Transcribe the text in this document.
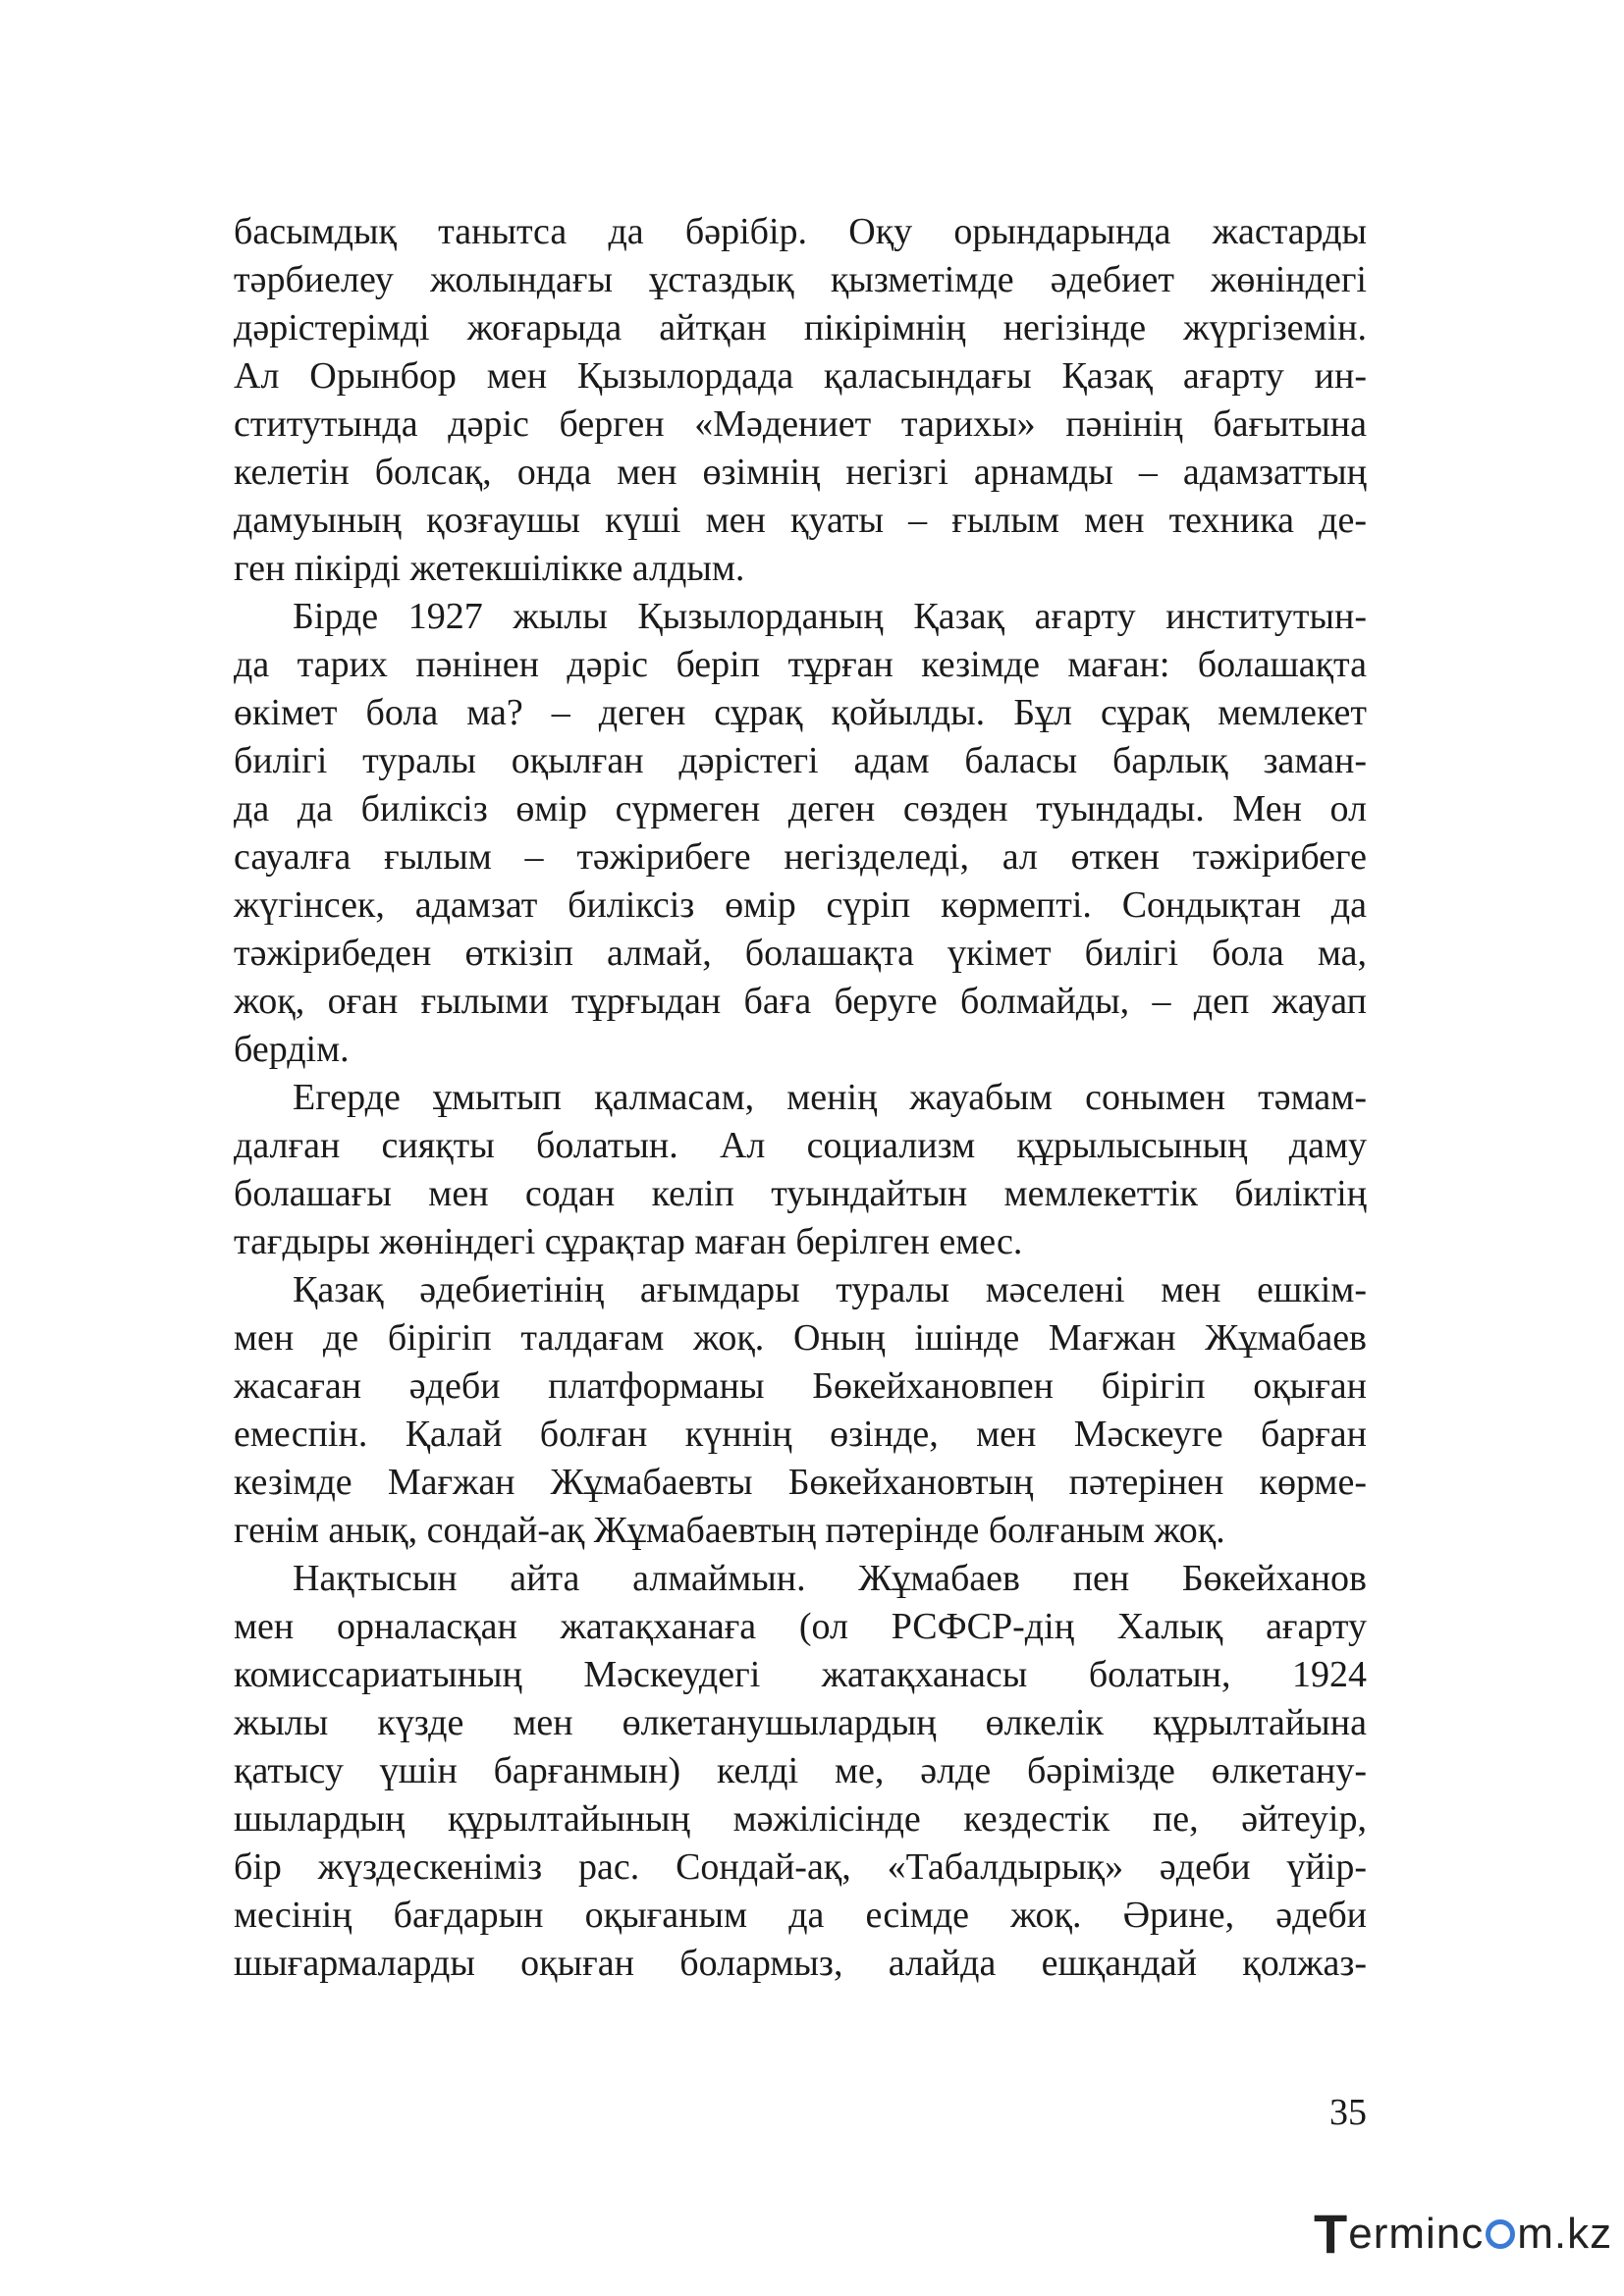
басымдық танытса да бәрібір. Оқу орындарында жастарды
тәрбиелеу жолындағы ұстаздық қызметімде әдебиет жөніндегі
дәрістерімді жоғарыда айтқан пікірімнің негізінде жүргіземін.
Ал Орынбор мен Қызылордада қаласындағы Қазақ ағарту ин-
ститутында дәріс берген «Мәдениет тарихы» пәнінің бағытына
келетін болсақ, онда мен өзімнің негізгі арнамды – адамзаттың
дамуының қозғаушы күші мен қуаты – ғылым мен техника де-
ген пікірді жетекшілікке алдым.

Бірде 1927 жылы Қызылорданың Қазақ ағарту институтын-
да тарих пәнінен дәріс беріп тұрған кезімде маған: болашақта
өкімет бола ма? – деген сұрақ қойылды. Бұл сұрақ мемлекет
билігі туралы оқылған дәрістегі адам баласы барлық заман-
да да биліксіз өмір сүрмеген деген сөзден туындады. Мен ол
сауалға ғылым – тәжірибеге негізделеді, ал өткен тәжірибеге
жүгінсек, адамзат биліксіз өмір сүріп көрмепті. Сондықтан да
тәжірибеден өткізіп алмай, болашақта үкімет билігі бола ма,
жоқ, оған ғылыми тұрғыдан баға беруге болмайды, – деп жауап
бердім.

Егерде ұмытып қалмасам, менің жауабым сонымен тәмам-
далған сияқты болатын. Ал социализм құрылысының даму
болашағы мен содан келіп туындайтын мемлекеттік биліктің
тағдыры жөніндегі сұрақтар маған берілген емес.

Қазақ әдебиетінің ағымдары туралы мәселені мен ешкім-
мен де бірігіп талдағам жоқ. Оның ішінде Мағжан Жұмабаев
жасаған әдеби платформаны Бөкейхановпен бірігіп оқыған
емеспін. Қалай болған күннің өзінде, мен Мәскеуге барған
кезімде Мағжан Жұмабаевты Бөкейхановтың пәтерінен көрме-
генім анық, сондай-ақ Жұмабаевтың пәтерінде болғаным жоқ.

Нақтысын айта алмаймын. Жұмабаев пен Бөкейханов
мен орналасқан жатақханаға (ол РСФСР-дің Халық ағарту
комиссариатының Мәскеудегі жатақханасы болатын, 1924
жылы күзде мен өлкетанушылардың өлкелік құрылтайына
қатысу үшін барғанмын) келді ме, әлде бәрімізде өлкетану-
шылардың құрылтайының мәжілісінде кездестік пе, әйтеуір,
бір жүздескеніміз рас. Сондай-ақ, «Табалдырық» әдеби үйір-
месінің бағдарын оқығаным да есімде жоқ. Әрине, әдеби
шығармаларды оқыған болармыз, алайда ешқандай қолжаз-

35
T erminc m.kz
